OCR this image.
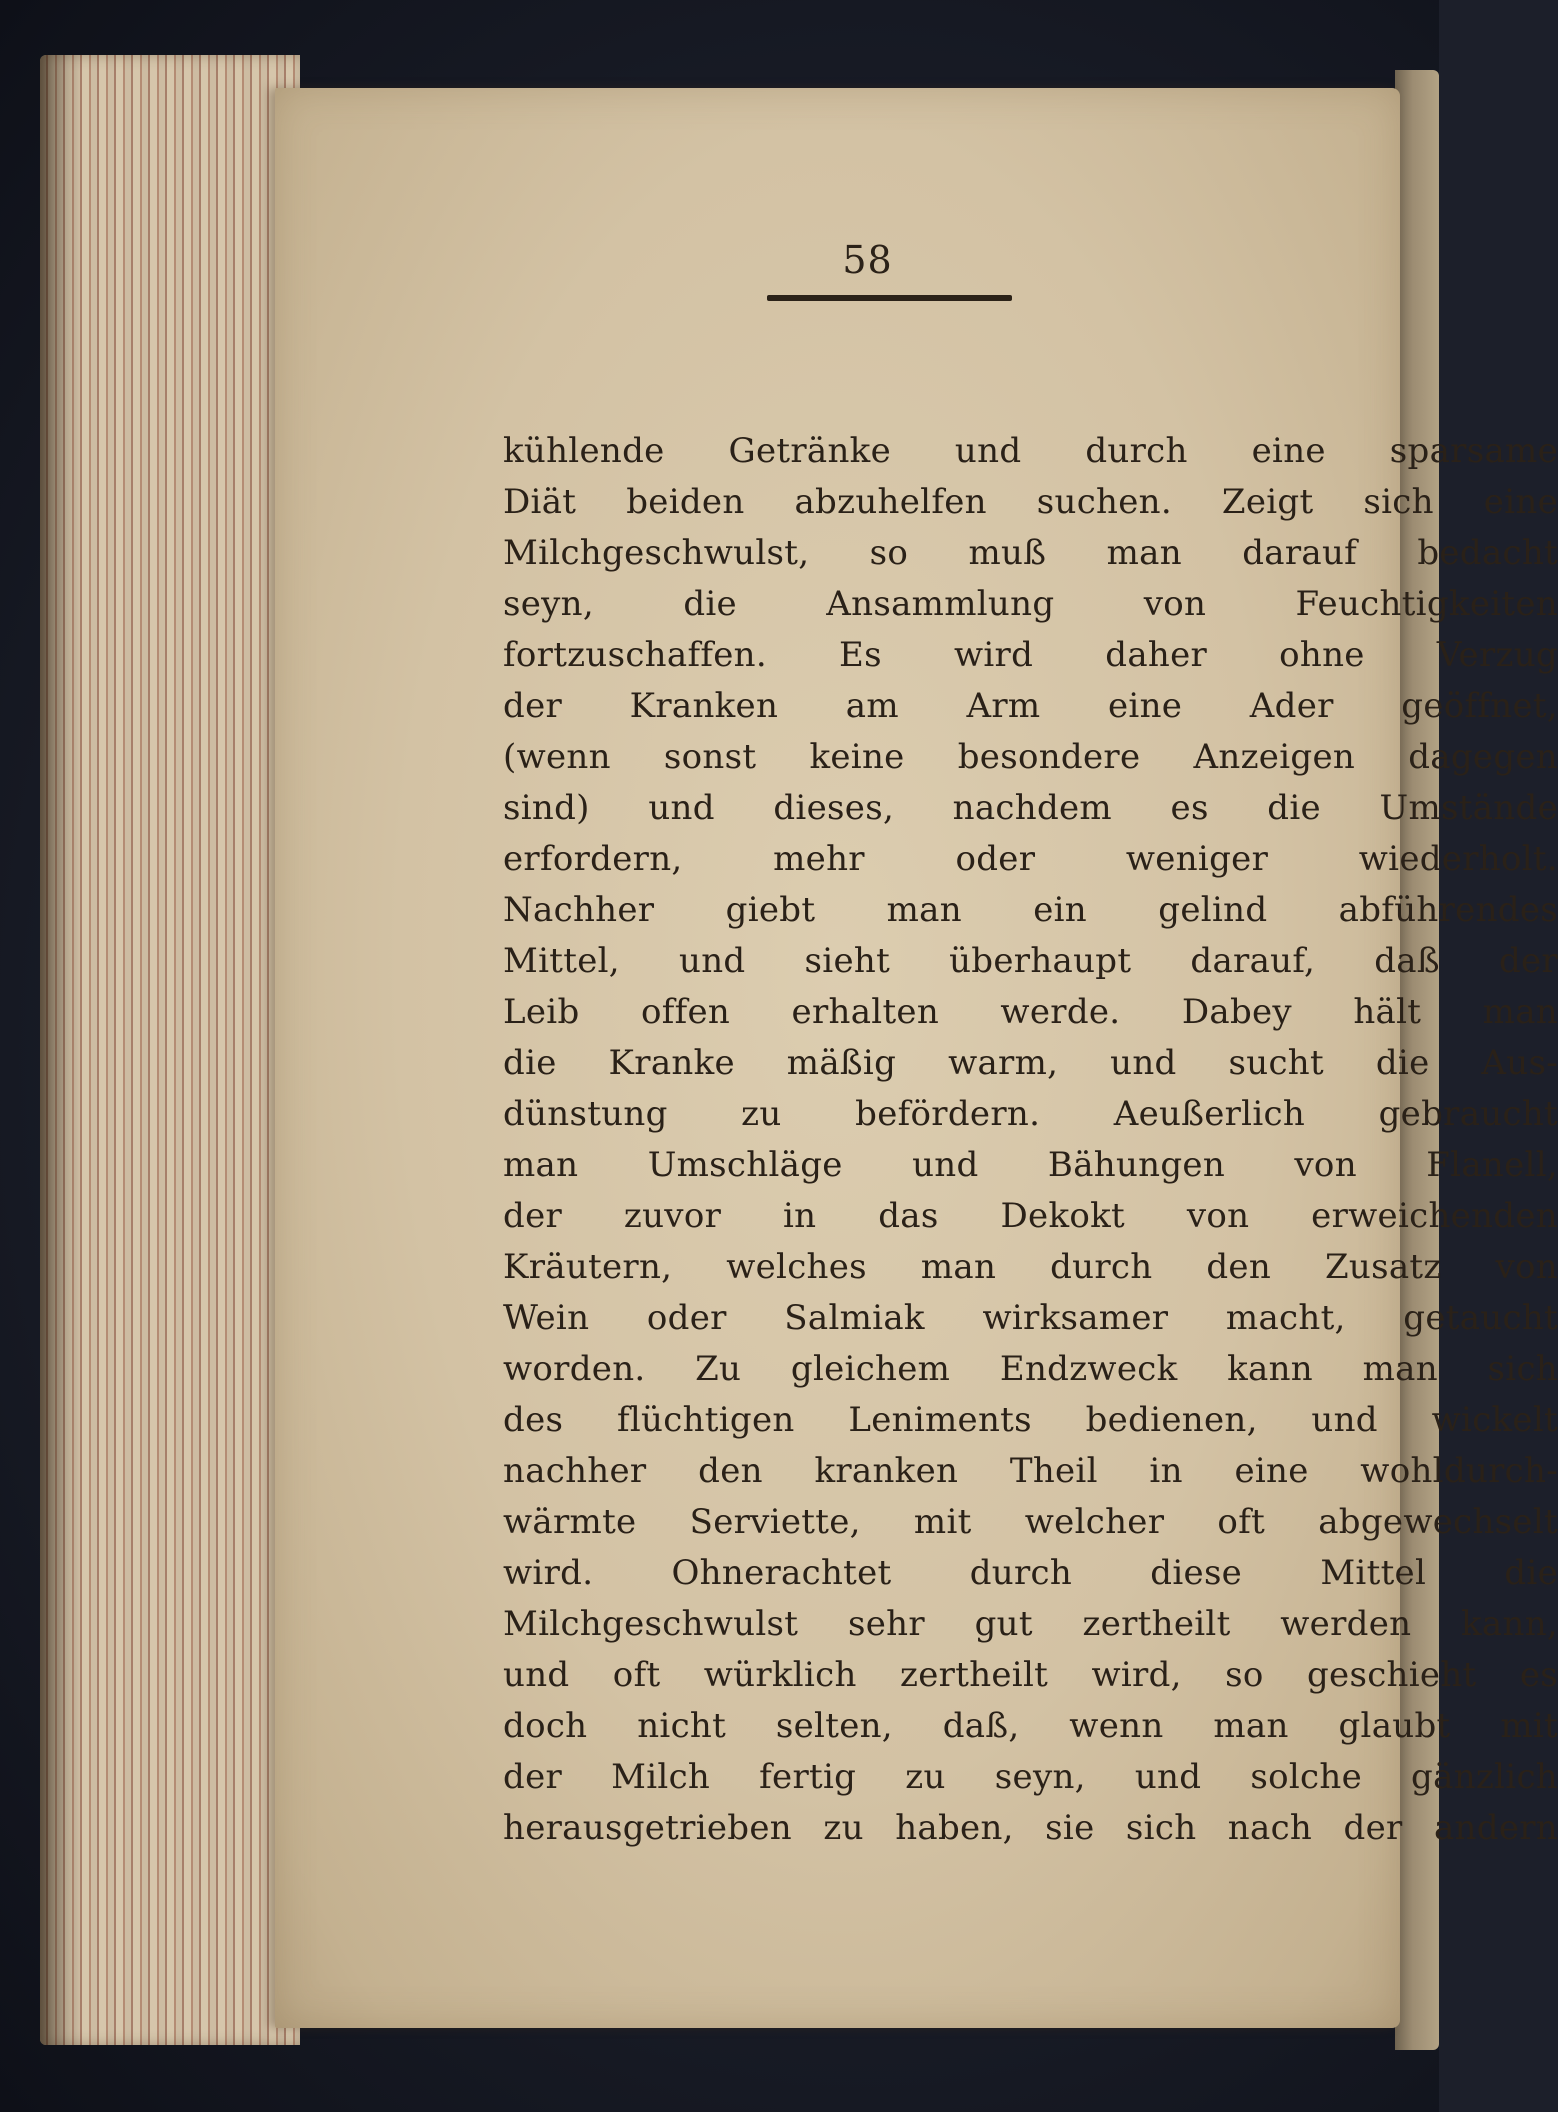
58
kühlende Getränke und durch eine sparsame
Diät beiden abzuhelfen suchen. Zeigt sich eine
Milchgeschwulst, so muß man darauf bedacht
seyn, die Ansammlung von Feuchtigkeiten
fortzuschaffen. Es wird daher ohne Verzug
der Kranken am Arm eine Ader geöffnet,
(wenn sonst keine besondere Anzeigen dagegen
sind) und dieses, nachdem es die Umstände
erfordern, mehr oder weniger wiederholt.
Nachher giebt man ein gelind abführendes
Mittel, und sieht überhaupt darauf, daß der
Leib offen erhalten werde. Dabey hält man
die Kranke mäßig warm, und sucht die Aus-
dünstung zu befördern. Aeußerlich gebraucht
man Umschläge und Bähungen von Flanell,
der zuvor in das Dekokt von erweichenden
Kräutern, welches man durch den Zusatz von
Wein oder Salmiak wirksamer macht, getaucht
worden. Zu gleichem Endzweck kann man sich
des flüchtigen Leniments bedienen, und wickelt
nachher den kranken Theil in eine wohldurch-
wärmte Serviette, mit welcher oft abgewechselt
wird. Ohnerachtet durch diese Mittel die
Milchgeschwulst sehr gut zertheilt werden kann,
und oft würklich zertheilt wird, so geschieht es
doch nicht selten, daß, wenn man glaubt mit
der Milch fertig zu seyn, und solche gänzlich
herausgetrieben zu haben, sie sich nach der andern
